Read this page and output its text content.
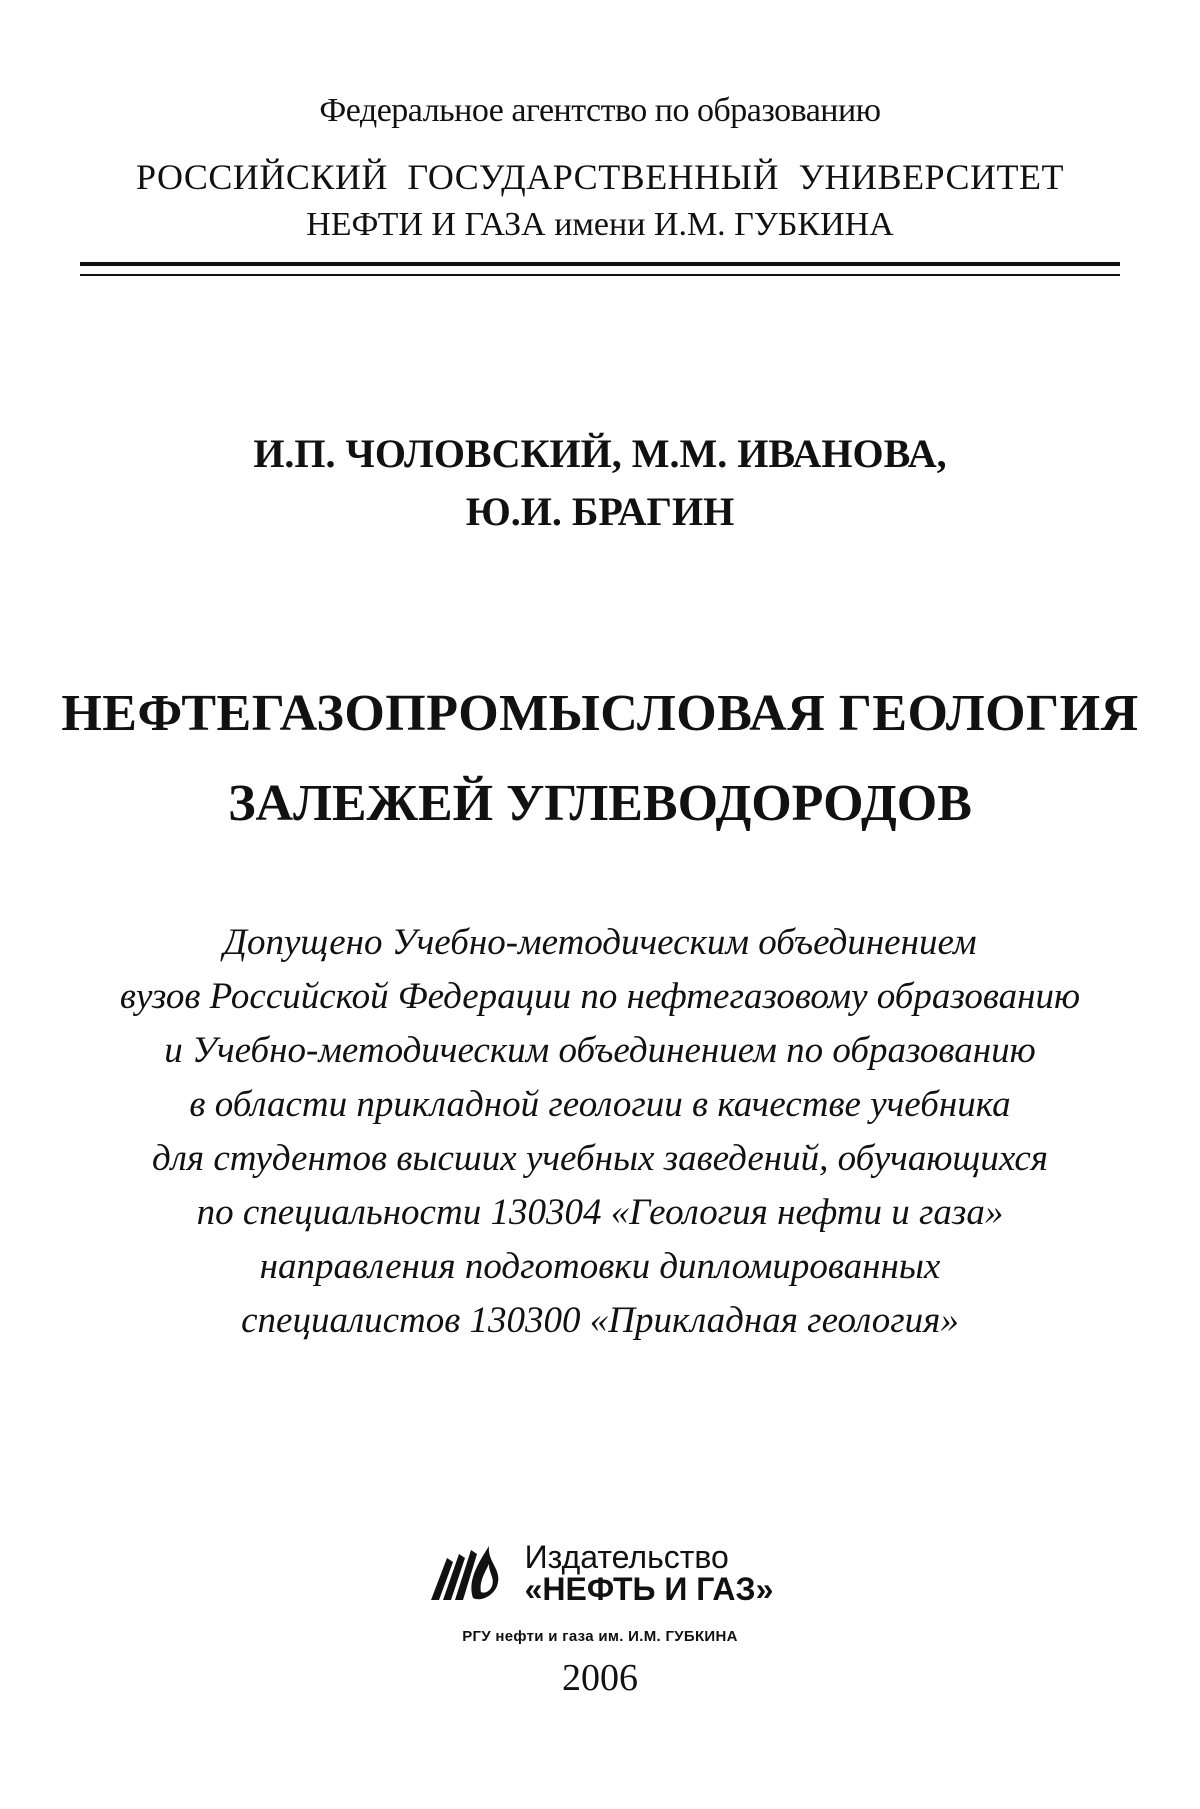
Федеральное агентство по образованию
РОССИЙСКИЙ ГОСУДАРСТВЕННЫЙ УНИВЕРСИТЕТ
НЕФТИ И ГАЗА имени И.М. ГУБКИНА
И.П. ЧОЛОВСКИЙ, М.М. ИВАНОВА,
Ю.И. БРАГИН
НЕФТЕГАЗОПРОМЫСЛОВАЯ ГЕОЛОГИЯ
ЗАЛЕЖЕЙ УГЛЕВОДОРОДОВ
Допущено Учебно-методическим объединением
вузов Российской Федерации по нефтегазовому образованию
и Учебно-методическим объединением по образованию
в области прикладной геологии в качестве учебника
для студентов высших учебных заведений, обучающихся
по специальности 130304 «Геология нефти и газа»
направления подготовки дипломированных
специалистов 130300 «Прикладная геология»
Издательство
«НЕФТЬ И ГАЗ»
РГУ нефти и газа им. И.М. ГУБКИНА
2006
